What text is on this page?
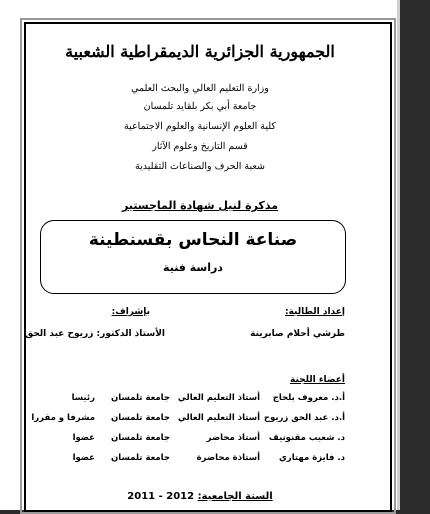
الجمهورية الجزائرية الديمقراطية الشعبية
وزارة التعليم العالي والبحث العلمي
جامعة أبي بكر بلقايد تلمسان
كلية العلوم الإنسانية والعلوم الاجتماعية
قسم التاريخ وعلوم الآثار
شعبة الحرف والصناعات التقليدية
مذكرة لنيل شهادة الماجستير
صناعة النحاس بقسنطينة
دراسة فنية
إعداد الطالبة:
طرشي أحلام صابرينة
بإشراف:
الأستاذ الدكتور: زريوح عبد الحق
أعضاء اللجنة
أ.د. معروف بلحاج
أستاذ التعليم العالي
جامعة تلمسان
رئيسا
أ.د. عبد الحق زريوح
أستاذ التعليم العالي
جامعة تلمسان
مشرفا و مقررا
د. شعيب مقنونيف
أستاذ محاضر
جامعة تلمسان
عضوا
د. فايزة مهتاري
أستاذة محاضرة
جامعة تلمسان
عضوا
السنة الجامعية: 2011 - 2012
